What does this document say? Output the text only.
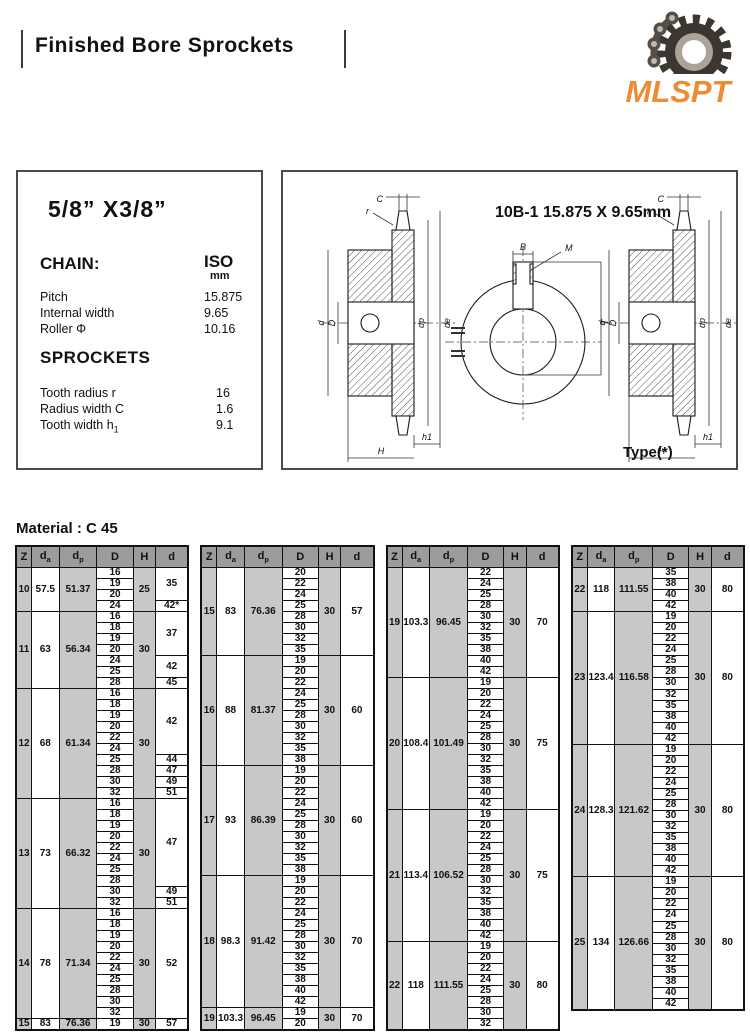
Finished Bore Sprockets
MLSPT
5/8” X3/8”
CHAIN:	ISO
mm
Pitch	15.875
Internal width	9.65
Roller Φ	10.16
SPROCKETS
Tooth radius r	16
Radius width C	1.6
Tooth width $h_1$	9.1
d D
C
r
h1
H
B	M
T
10B-1 15.875 X 9.65mm
Type(*)
Material : C 45
Z	$d_a$	$d_p$	D	H	d
10	57.5	51.37	16	25	35
			19		
			20		
			24		42*
11	63	56.34	16	30	37
			18		
			19		
			20		
			24		42
			25		
			28		45
12	68	61.34	16	30	42
			18		
			19		
			20		
			22		
			24		
			25		44
			28		47
			30		49
			32		51
13	73	66.32	16	30	47
			18		
			19		
			20		
			22		
			24		
			25		
			28		
			30		49
			32		51
14	78	71.34	16	30	52
			18		
			19		
			20		
			22		
			24		
			25		
			28		
			30		
			32		
15	83	76.36	19	30	57
Z	$d_a$	$d_p$	D	H	d
15	83	76.36	20	30	57
			22		
			24		
			25		
			28		
			30		
			32		
			35		
16	88	81.37	19	30	60
			20		
			22		
			24		
			25		
			28		
			30		
			32		
			35		
			38		
17	93	86.39	19	30	60
			20		
			22		
			24		
			25		
			28		
			30		
			32		
			35		
			38		
18	98.3	91.42	19	30	70
			20		
			22		
			24		
			25		
			28		
			30		
			32		
			35		
			38		
			40		
			42		
19	103.3	96.45	19	30	70
			20		
Z	$d_a$	$d_p$	D	H	d
19	103.3	96.45	22	30	70
			24		
			25		
			28		
			30		
			32		
			35		
			38		
			40		
			42		
20	108.4	101.49	19	30	75
			20		
			22		
			24		
			25		
			28		
			30		
			32		
			35		
			38		
			40		
			42		
21	113.4	106.52	19	30	75
			20		
			22		
			24		
			25		
			28		
			30		
			32		
			35		
			38		
			40		
			42		
22	118	111.55	19	30	80
			20		
			22		
			24		
			25		
			28		
			30		
			32		
Z	$d_a$	$d_p$	D	H	d
22	118	111.55	35	30	80
			38		
			40		
			42		
23	123.4	116.58	19	30	80
			20		
			22		
			24		
			25		
			28		
			30		
			32		
			35		
			38		
			40		
			42		
24	128.3	121.62	19	30	80
			20		
			22		
			24		
			25		
			28		
			30		
			32		
			35		
			38		
			40		
			42		
25	134	126.66	19	30	80
			20		
			22		
			24		
			25		
			28		
			30		
			32		
			35		
			38		
			40		
			42		
